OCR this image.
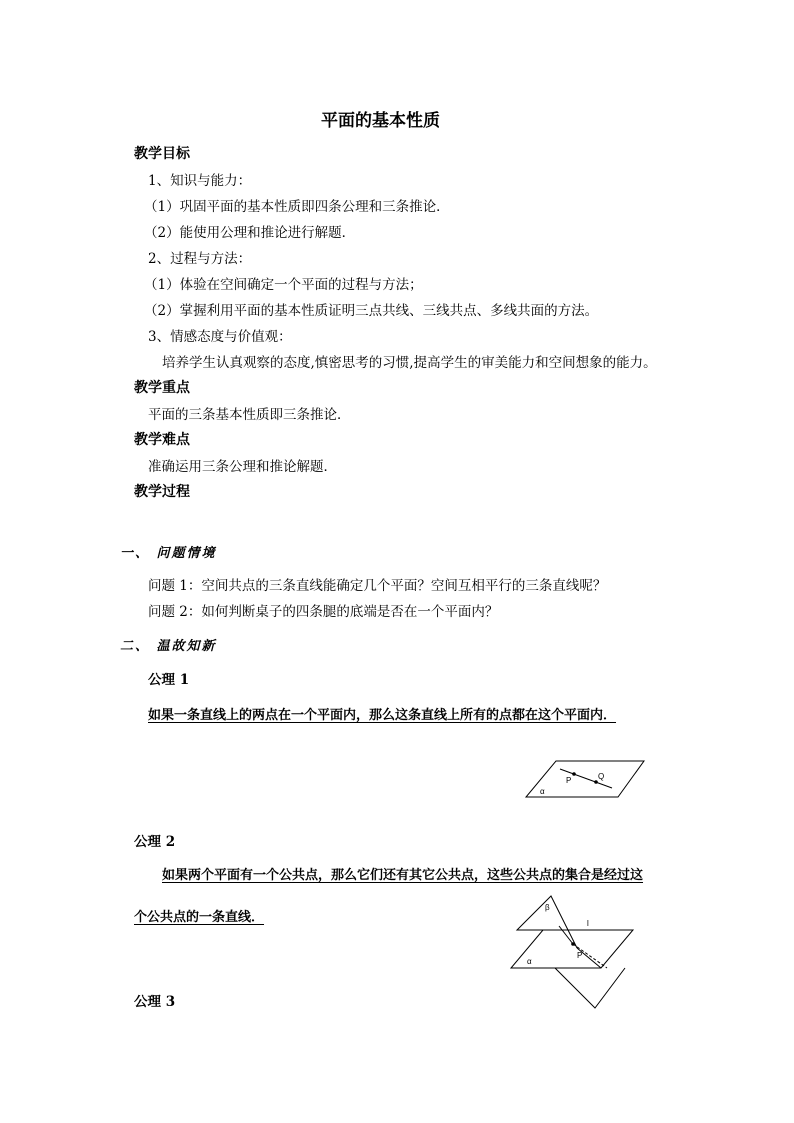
平面的基本性质
教学目标
1、知识与能力：
（1）巩固平面的基本性质即四条公理和三条推论．
（2）能使用公理和推论进行解题．
2、过程与方法：
（1）体验在空间确定一个平面的过程与方法；
（2）掌握利用平面的基本性质证明三点共线、三线共点、多线共面的方法。
3、情感态度与价值观：
培养学生认真观察的态度,慎密思考的习惯,提高学生的审美能力和空间想象的能力。
教学重点
平面的三条基本性质即三条推论．
教学难点
准确运用三条公理和推论解题．
教学过程
一、 问题情境
问题 1：空间共点的三条直线能确定几个平面？空间互相平行的三条直线呢？
问题 2：如何判断桌子的四条腿的底端是否在一个平面内？
二、 温故知新
公理 1
如果一条直线上的两点在一个平面内，那么这条直线上所有的点都在这个平面内．
P	Q
α
公理 2
如果两个平面有一个公共点，那么它们还有其它公共点，这些公共点的集合是经过这
个公共点的一条直线．
P
l
β
α
公理 3
